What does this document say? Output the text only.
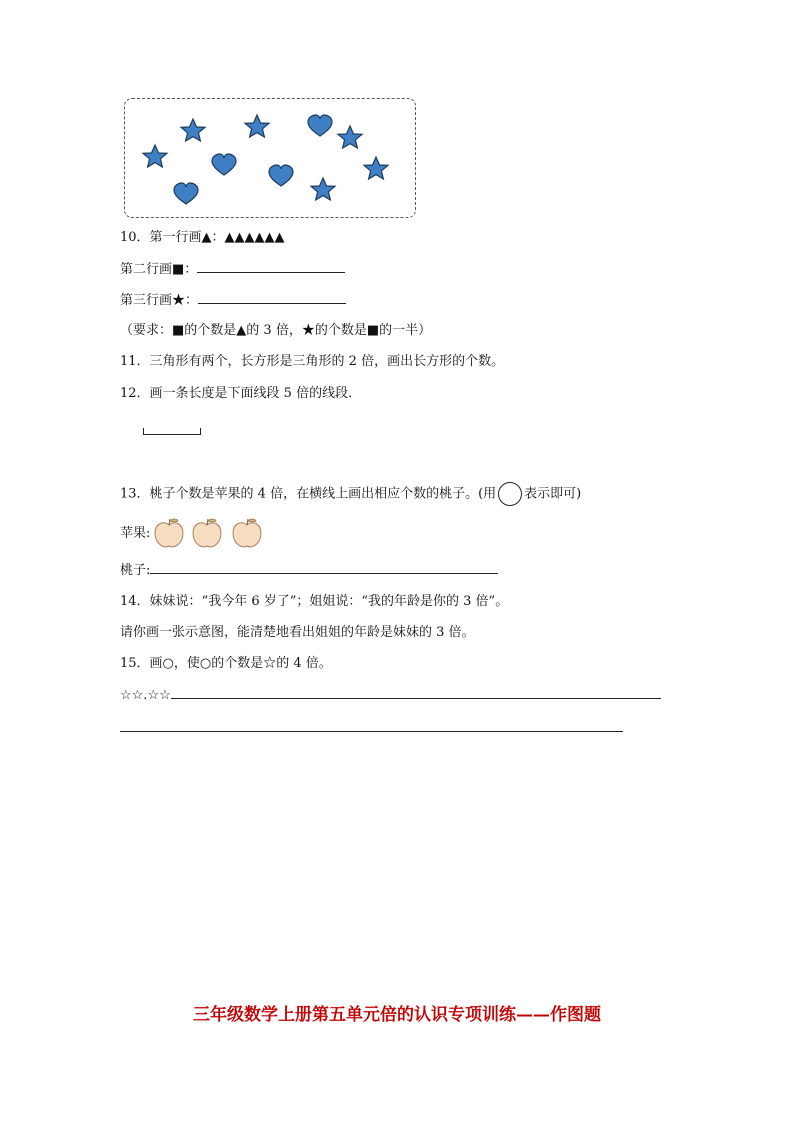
10．第一行画▲：▲▲▲▲▲▲
第二行画■：
第三行画★：
（要求：■的个数是▲的 3 倍，★的个数是■的一半）
11．三角形有两个，长方形是三角形的 2 倍，画出长方形的个数。
12．画一条长度是下面线段 5 倍的线段．
13．桃子个数是苹果的 4 倍，在横线上画出相应个数的桃子。(用 表示即可)
苹果:
桃子:
14．妹妹说：“我今年 6 岁了”；姐姐说：“我的年龄是你的 3 倍”。
请你画一张示意图，能清楚地看出姐姐的年龄是妹妹的 3 倍。
15．画○，使○的个数是☆的 4 倍。
☆☆.☆☆
三年级数学上册第五单元倍的认识专项训练——作图题
